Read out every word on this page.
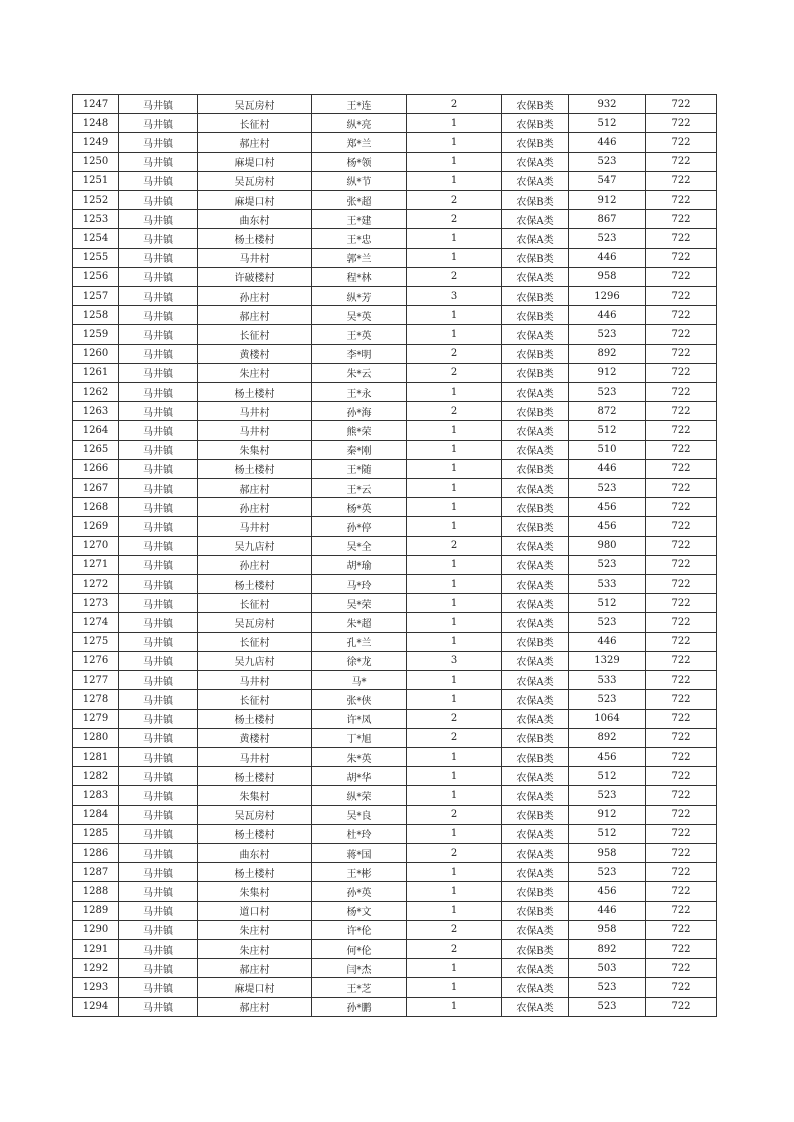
1247	马井镇	吴瓦房村	王*连	2	农保B类	932	722
1248	马井镇	长征村	纵*亮	1	农保B类	512	722
1249	马井镇	郝庄村	郑*兰	1	农保B类	446	722
1250	马井镇	麻堤口村	杨*领	1	农保A类	523	722
1251	马井镇	吴瓦房村	纵*节	1	农保A类	547	722
1252	马井镇	麻堤口村	张*超	2	农保B类	912	722
1253	马井镇	曲东村	王*建	2	农保A类	867	722
1254	马井镇	杨土楼村	王*忠	1	农保A类	523	722
1255	马井镇	马井村	郭*兰	1	农保B类	446	722
1256	马井镇	许破楼村	程*林	2	农保A类	958	722
1257	马井镇	孙庄村	纵*芳	3	农保B类	1296	722
1258	马井镇	郝庄村	吴*英	1	农保B类	446	722
1259	马井镇	长征村	王*英	1	农保A类	523	722
1260	马井镇	黄楼村	李*明	2	农保B类	892	722
1261	马井镇	朱庄村	朱*云	2	农保B类	912	722
1262	马井镇	杨土楼村	王*永	1	农保A类	523	722
1263	马井镇	马井村	孙*海	2	农保B类	872	722
1264	马井镇	马井村	熊*荣	1	农保A类	512	722
1265	马井镇	朱集村	秦*刚	1	农保A类	510	722
1266	马井镇	杨土楼村	王*随	1	农保B类	446	722
1267	马井镇	郝庄村	王*云	1	农保A类	523	722
1268	马井镇	孙庄村	杨*英	1	农保B类	456	722
1269	马井镇	马井村	孙*停	1	农保B类	456	722
1270	马井镇	吴九店村	吴*全	2	农保A类	980	722
1271	马井镇	孙庄村	胡*瑜	1	农保A类	523	722
1272	马井镇	杨土楼村	马*玲	1	农保A类	533	722
1273	马井镇	长征村	吴*荣	1	农保A类	512	722
1274	马井镇	吴瓦房村	朱*超	1	农保A类	523	722
1275	马井镇	长征村	孔*兰	1	农保B类	446	722
1276	马井镇	吴九店村	徐*龙	3	农保A类	1329	722
1277	马井镇	马井村	马*	1	农保A类	533	722
1278	马井镇	长征村	张*侠	1	农保A类	523	722
1279	马井镇	杨土楼村	许*凤	2	农保A类	1064	722
1280	马井镇	黄楼村	丁*旭	2	农保B类	892	722
1281	马井镇	马井村	朱*英	1	农保B类	456	722
1282	马井镇	杨土楼村	胡*华	1	农保A类	512	722
1283	马井镇	朱集村	纵*荣	1	农保A类	523	722
1284	马井镇	吴瓦房村	吴*良	2	农保B类	912	722
1285	马井镇	杨土楼村	杜*玲	1	农保A类	512	722
1286	马井镇	曲东村	蒋*国	2	农保A类	958	722
1287	马井镇	杨土楼村	王*彬	1	农保A类	523	722
1288	马井镇	朱集村	孙*英	1	农保B类	456	722
1289	马井镇	道口村	杨*文	1	农保B类	446	722
1290	马井镇	朱庄村	许*伦	2	农保A类	958	722
1291	马井镇	朱庄村	何*伦	2	农保B类	892	722
1292	马井镇	郝庄村	闫*杰	1	农保A类	503	722
1293	马井镇	麻堤口村	王*芝	1	农保A类	523	722
1294	马井镇	郝庄村	孙*鹏	1	农保A类	523	722
